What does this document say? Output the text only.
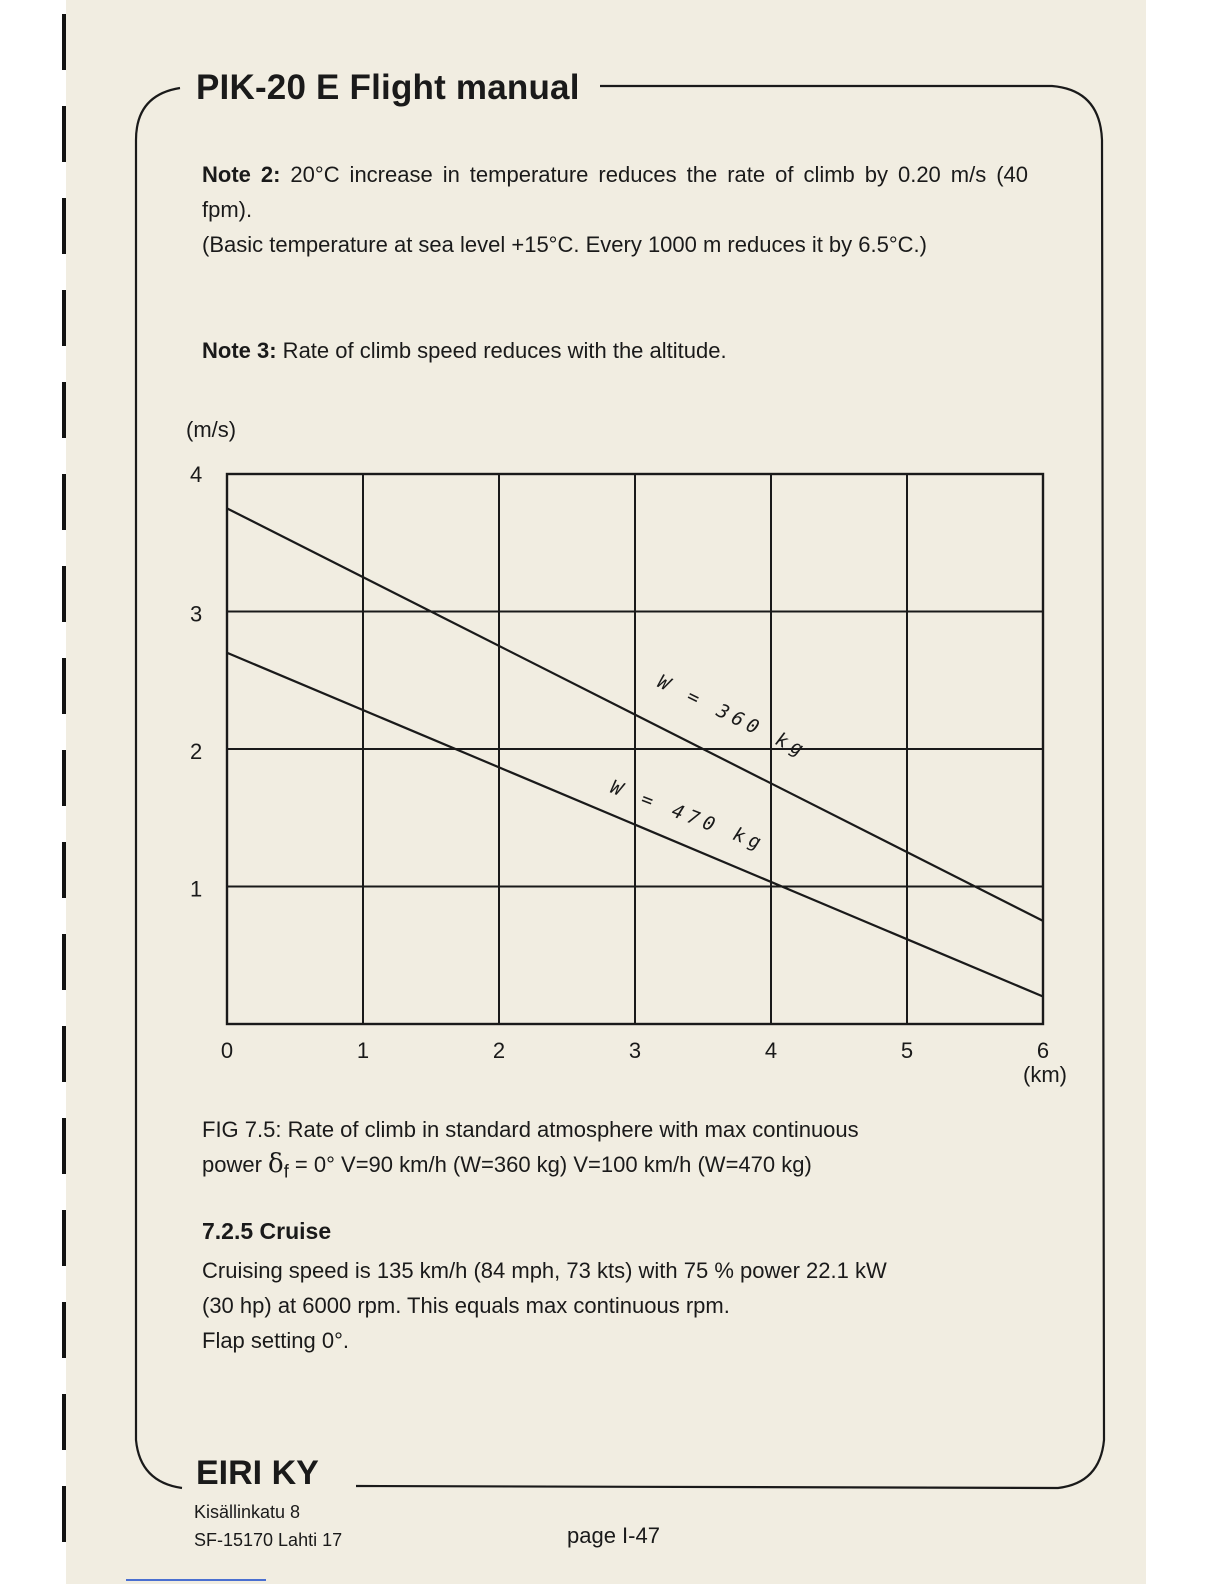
PIK-20 E Flight manual

Note 2: 20°C increase in temperature reduces the rate of climb by 0.20 m/s (40 fpm).
(Basic temperature at sea level +15°C. Every 1000 m reduces it by 6.5°C.)

Note 3: Rate of climb speed reduces with the altitude.

(m/s)
1
2
3
4
0	1	2	3	4	5	6
(km)
W = 360 kg
W = 470 kg

FIG 7.5: Rate of climb in standard atmosphere with max continuous
power $\delta_f = 0^\circ$ V=90 km/h (W=360 kg) V=100 km/h (W=470 kg)

7.2.5 Cruise

Cruising speed is 135 km/h (84 mph, 73 kts) with 75 % power 22.1 kW
(30 hp) at 6000 rpm. This equals max continuous rpm.
Flap setting 0°.

EIRI KY
Kisällinkatu 8
SF-15170 Lahti 17	page I-47
